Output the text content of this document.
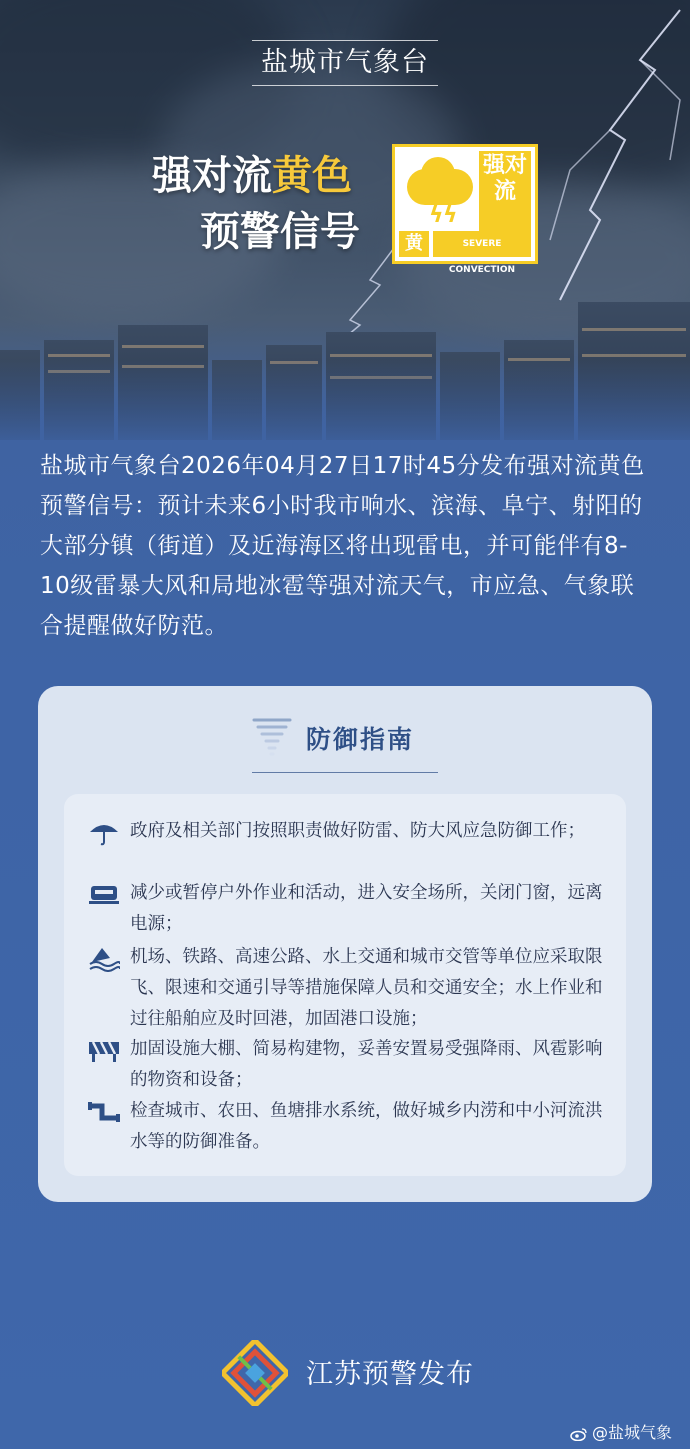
盐城市气象台
强对流黄色
预警信号	ϟ ϟ
强对流
黄	SEVERE CONVECTION
盐城市气象台2026年04月27日17时45分发布强对流黄色预警信号：预计未来6小时我市响水、滨海、阜宁、射阳的大部分镇（街道）及近海海区将出现雷电，并可能伴有8-10级雷暴大风和局地冰雹等强对流天气，市应急、气象联合提醒做好防范。
防御指南
政府及相关部门按照职责做好防雷、防大风应急防御工作；
减少或暂停户外作业和活动，进入安全场所，关闭门窗，远离电源；
机场、铁路、高速公路、水上交通和城市交管等单位应采取限飞、限速和交通引导等措施保障人员和交通安全；水上作业和过往船舶应及时回港，加固港口设施；
加固设施大棚、简易构建物，妥善安置易受强降雨、风雹影响的物资和设备；
检查城市、农田、鱼塘排水系统，做好城乡内涝和中小河流洪水等的防御准备。
江苏预警发布
@盐城气象
